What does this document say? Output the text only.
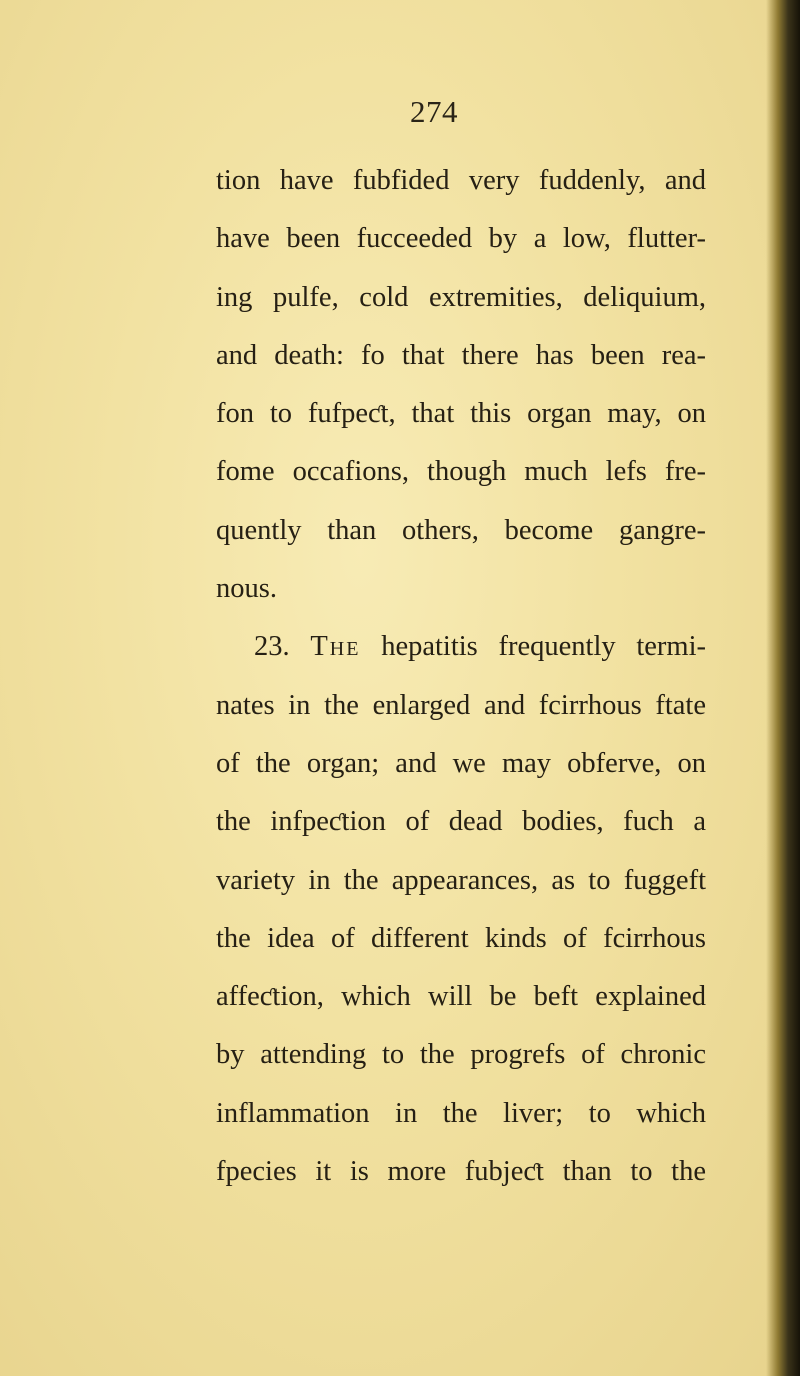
274
tion have fubfided very fuddenly, and
have been fucceeded by a low, flutter-
ing pulfe, cold extremities, deliquium,
and death: fo that there has been rea-
fon to fufpeƈt, that this organ may, on
fome occafions, though much lefs fre-
quently than others, become gangre-
nous.
23. The hepatitis frequently termi-
nates in the enlarged and fcirrhous ftate
of the organ; and we may obferve, on
the infpeƈtion of dead bodies, fuch a
variety in the appearances, as to fuggeft
the idea of different kinds of fcirrhous
affeƈtion, which will be beft explained
by attending to the progrefs of chronic
inflammation in the liver; to which
fpecies it is more fubjeƈt than to the
